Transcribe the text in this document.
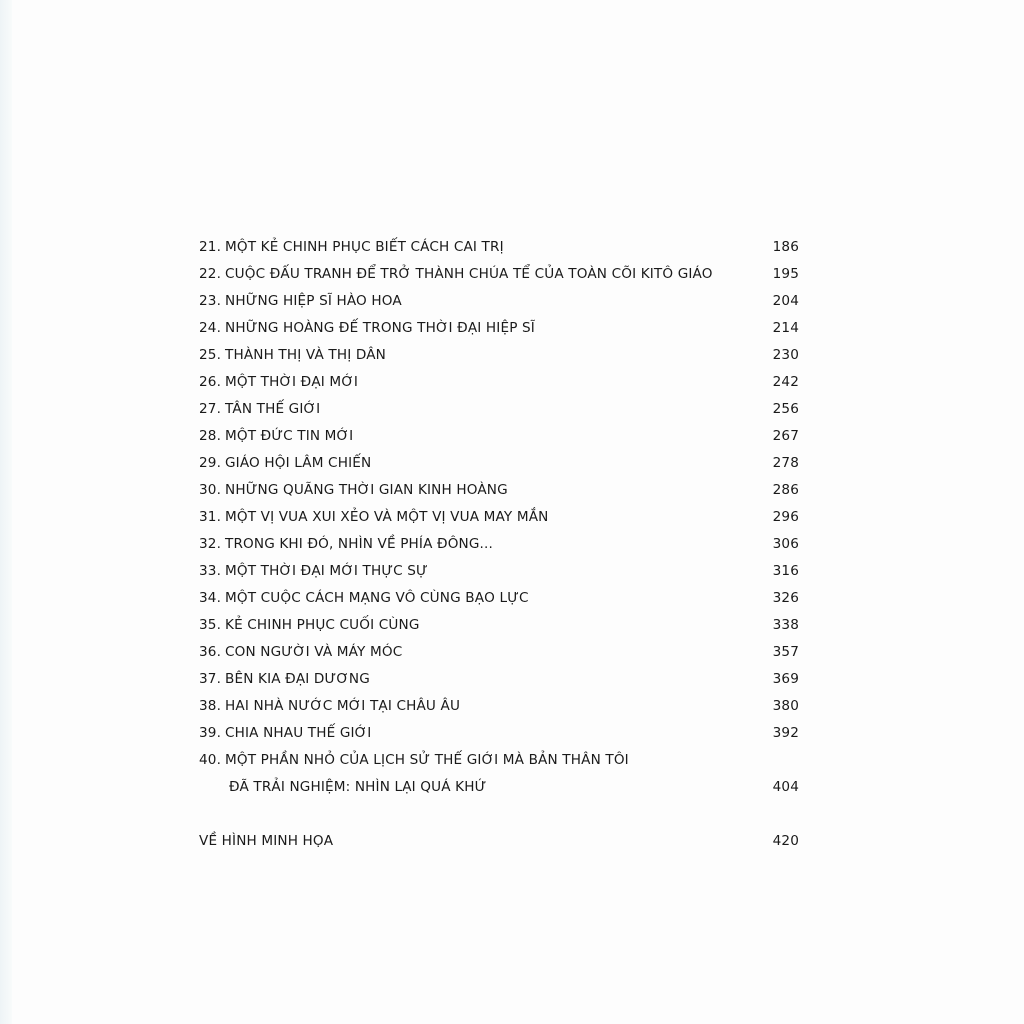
21. MỘT KẺ CHINH PHỤC BIẾT CÁCH CAI TRỊ	186
22. CUỘC ĐẤU TRANH ĐỂ TRỞ THÀNH CHÚA TỂ CỦA TOÀN CÕI KITÔ GIÁO	195
23. NHỮNG HIỆP SĨ HÀO HOA	204
24. NHỮNG HOÀNG ĐẾ TRONG THỜI ĐẠI HIỆP SĨ	214
25. THÀNH THỊ VÀ THỊ DÂN	230
26. MỘT THỜI ĐẠI MỚI	242
27. TÂN THẾ GIỚI	256
28. MỘT ĐỨC TIN MỚI	267
29. GIÁO HỘI LÂM CHIẾN	278
30. NHỮNG QUÃNG THỜI GIAN KINH HOÀNG	286
31. MỘT VỊ VUA XUI XẺO VÀ MỘT VỊ VUA MAY MẮN	296
32. TRONG KHI ĐÓ, NHÌN VỀ PHÍA ĐÔNG...	306
33. MỘT THỜI ĐẠI MỚI THỰC SỰ	316
34. MỘT CUỘC CÁCH MẠNG VÔ CÙNG BẠO LỰC	326
35. KẺ CHINH PHỤC CUỐI CÙNG	338
36. CON NGƯỜI VÀ MÁY MÓC	357
37. BÊN KIA ĐẠI DƯƠNG	369
38. HAI NHÀ NƯỚC MỚI TẠI CHÂU ÂU	380
39. CHIA NHAU THẾ GIỚI	392
40. MỘT PHẦN NHỎ CỦA LỊCH SỬ THẾ GIỚI MÀ BẢN THÂN TÔI
ĐÃ TRẢI NGHIỆM: NHÌN LẠI QUÁ KHỨ	404
VỀ HÌNH MINH HỌA	420
